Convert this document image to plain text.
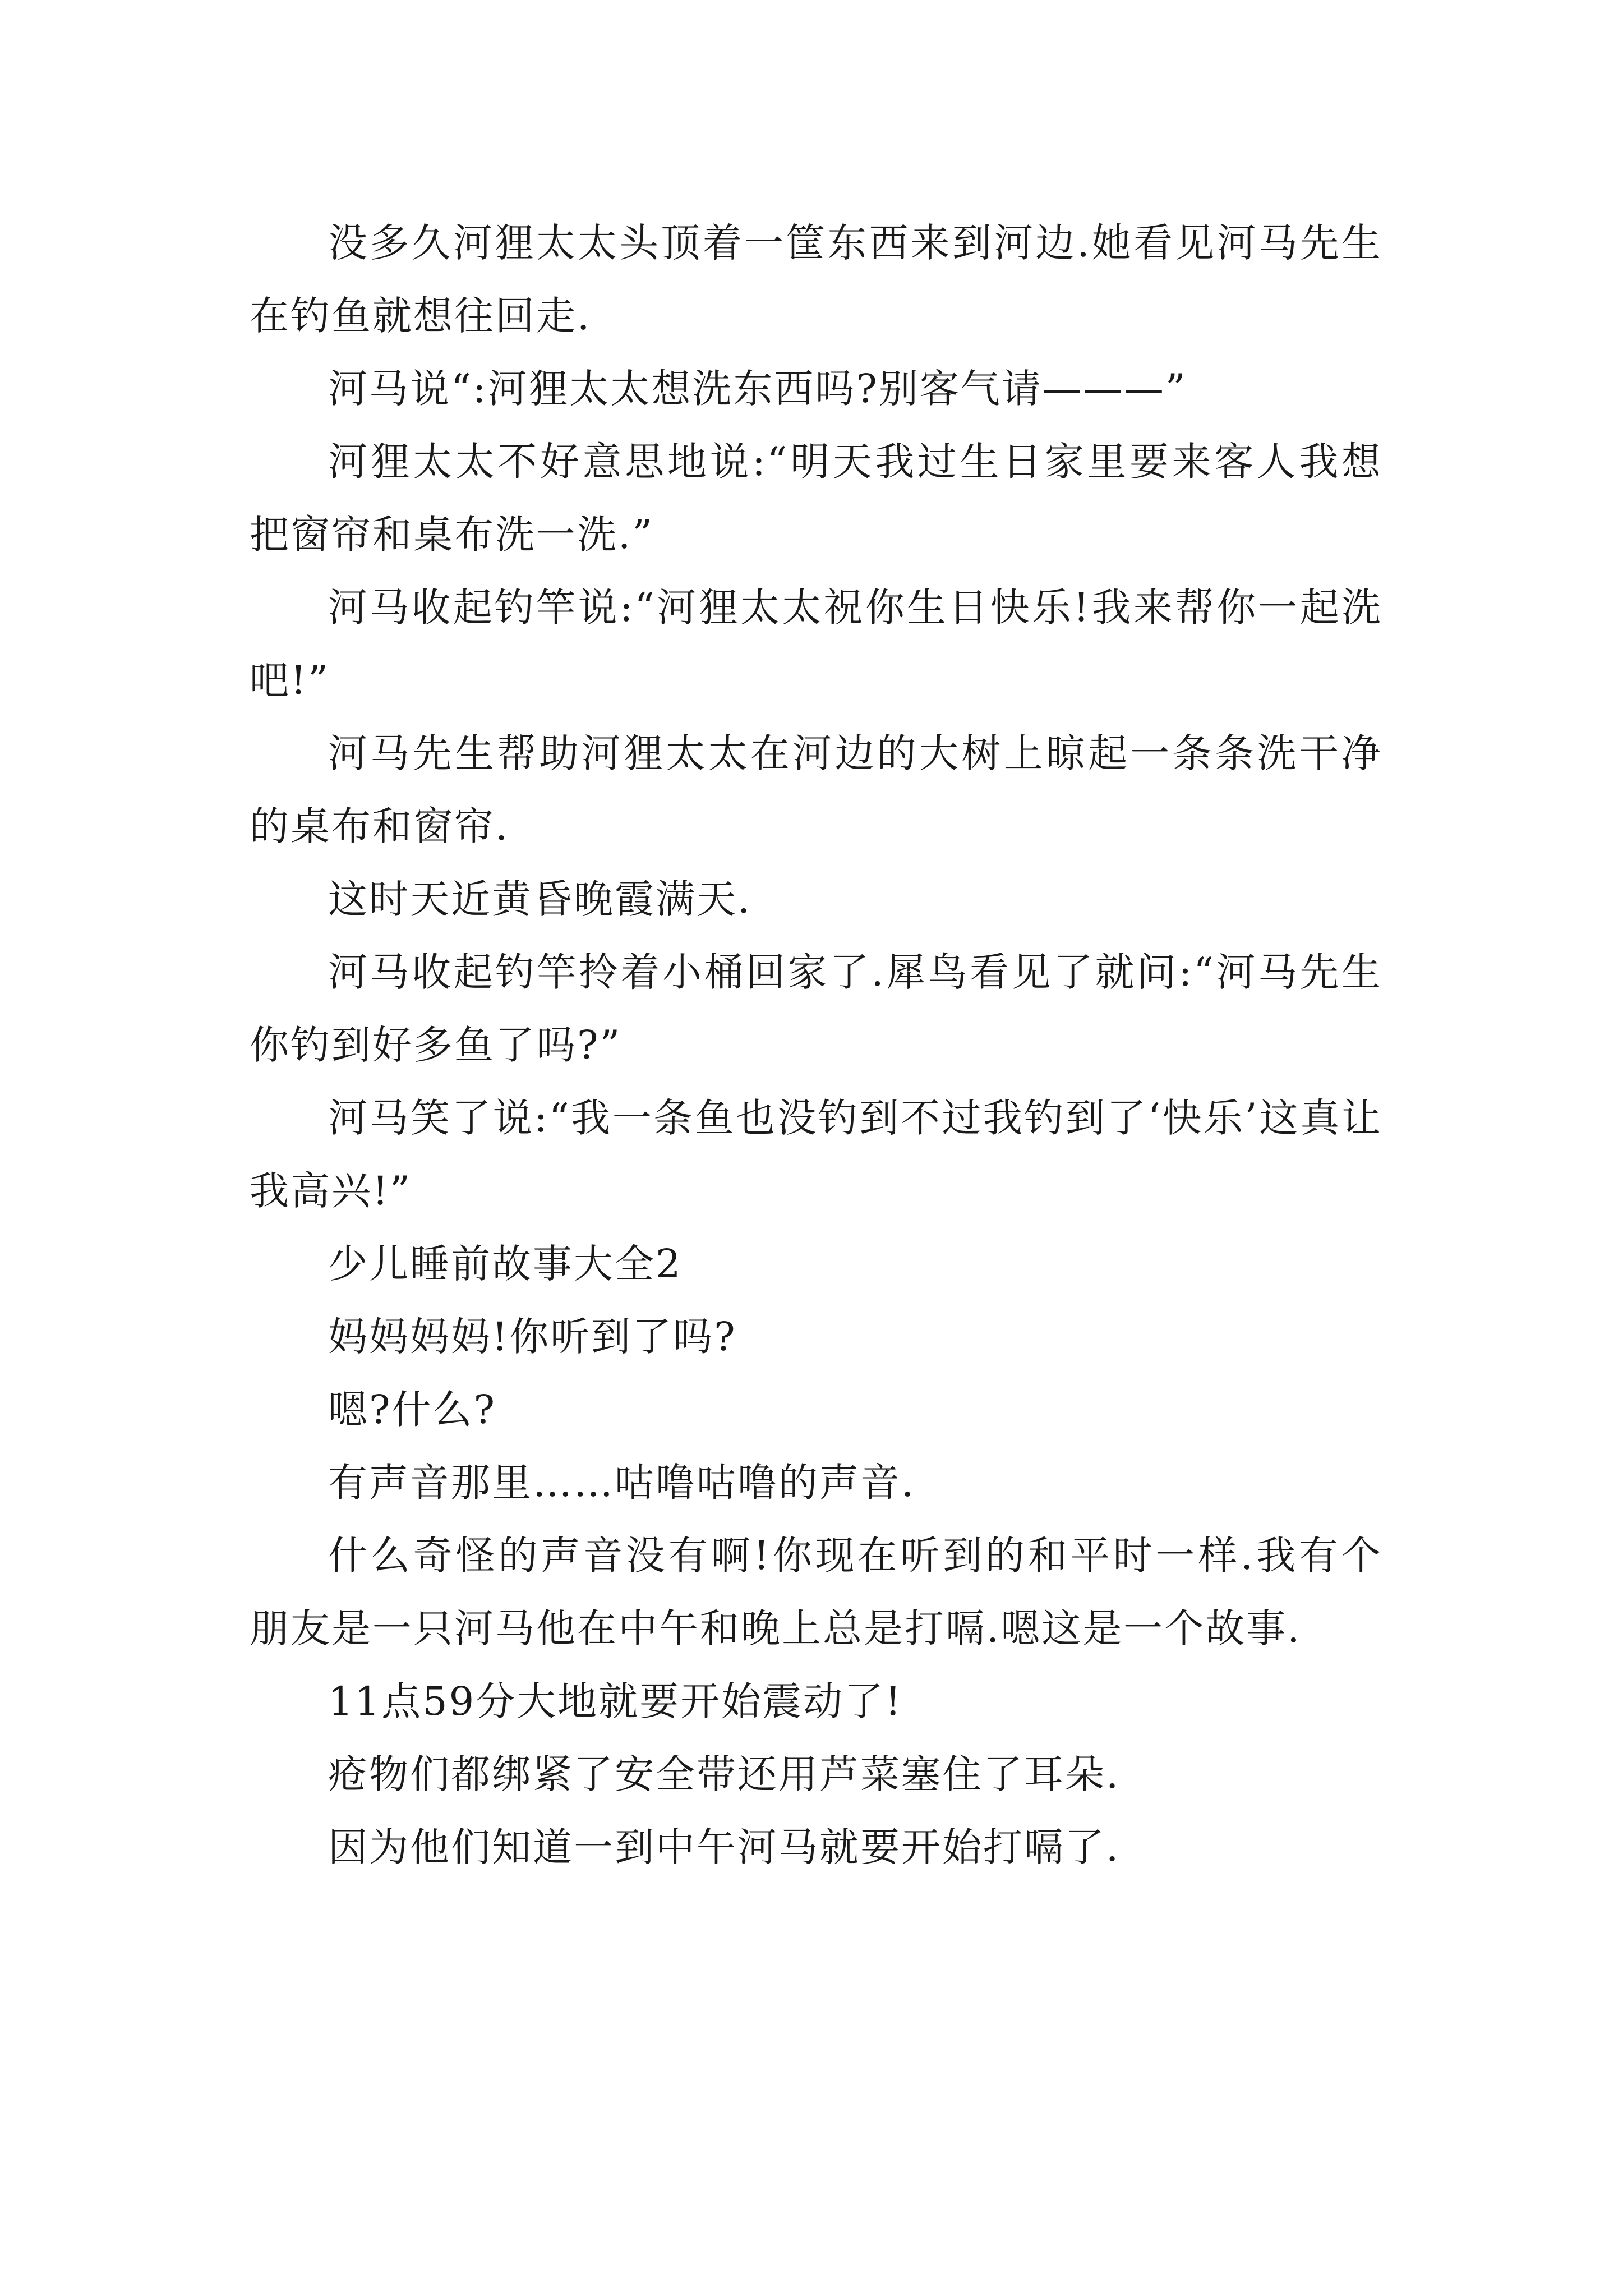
没多久河狸太太头顶着一筐东西来到河边.她看见河马先生在钓鱼就想往回走.

河马说“:河狸太太想洗东西吗?别客气请———”

河狸太太不好意思地说:“明天我过生日家里要来客人我想把窗帘和桌布洗一洗.”

河马收起钓竿说:“河狸太太祝你生日快乐!我来帮你一起洗吧!”

河马先生帮助河狸太太在河边的大树上晾起一条条洗干净的桌布和窗帘.

这时天近黄昏晚霞满天.

河马收起钓竿拎着小桶回家了.犀鸟看见了就问:“河马先生你钓到好多鱼了吗?”

河马笑了说:“我一条鱼也没钓到不过我钓到了‘快乐’这真让我高兴!”

少儿睡前故事大全2

妈妈妈妈!你听到了吗?

嗯?什么?

有声音那里……咕噜咕噜的声音.

什么奇怪的声音没有啊!你现在听到的和平时一样.我有个朋友是一只河马他在中午和晚上总是打嗝.嗯这是一个故事.

11点59分大地就要开始震动了!

疮物们都绑紧了安全带还用芦菜塞住了耳朵.

因为他们知道一到中午河马就要开始打嗝了.
